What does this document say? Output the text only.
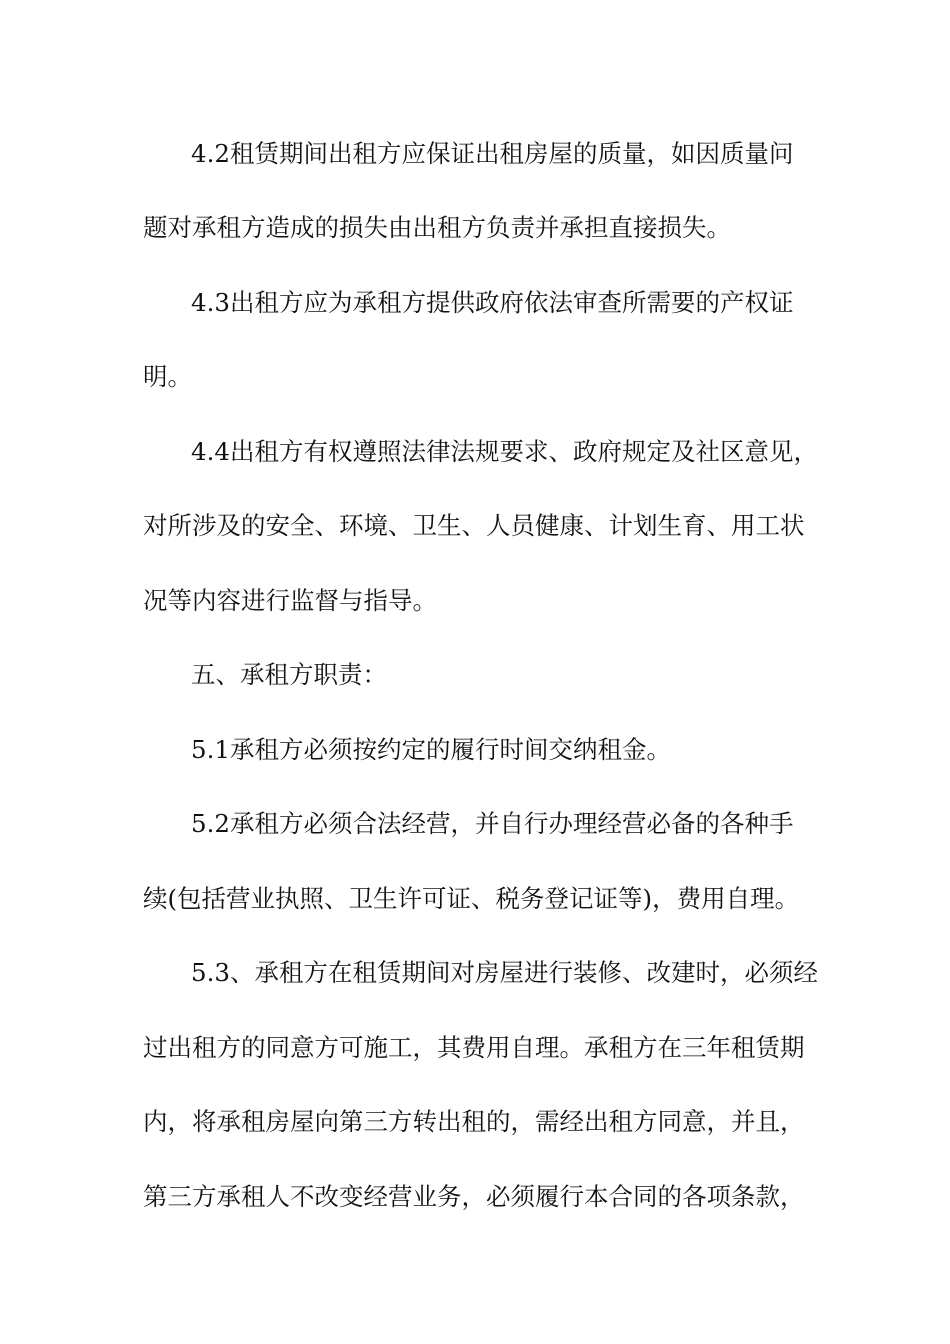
4.2租赁期间出租方应保证出租房屋的质量，如因质量问
题对承租方造成的损失由出租方负责并承担直接损失。
4.3出租方应为承租方提供政府依法审查所需要的产权证
明。
4.4出租方有权遵照法律法规要求、政府规定及社区意见，
对所涉及的安全、环境、卫生、人员健康、计划生育、用工状
况等内容进行监督与指导。
五、承租方职责：
5.1承租方必须按约定的履行时间交纳租金。
5.2承租方必须合法经营，并自行办理经营必备的各种手
续(包括营业执照、卫生许可证、税务登记证等)，费用自理。
5.3、承租方在租赁期间对房屋进行装修、改建时，必须经
过出租方的同意方可施工，其费用自理。承租方在三年租赁期
内，将承租房屋向第三方转出租的，需经出租方同意，并且，
第三方承租人不改变经营业务，必须履行本合同的各项条款，
